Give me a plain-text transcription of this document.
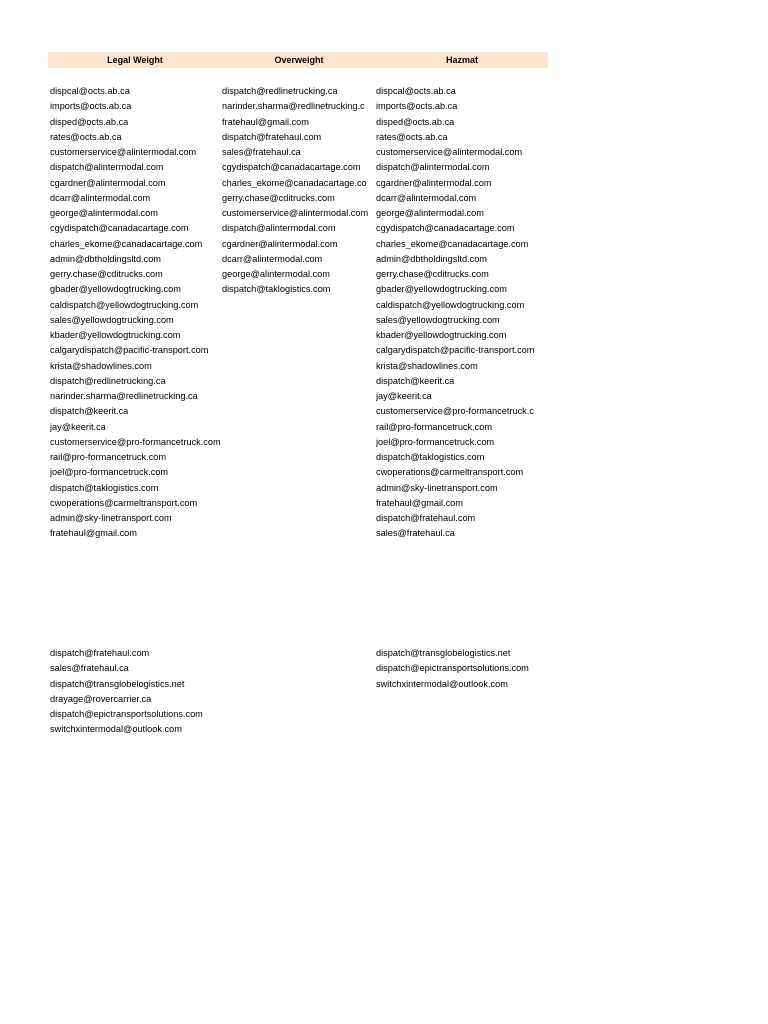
Legal Weight	Overweight	Hazmat
dispcal@octs.ab.ca
imports@octs.ab.ca
disped@octs.ab.ca
rates@octs.ab.ca
customerservice@alintermodal.com
dispatch@alintermodal.com
cgardner@alintermodal.com
dcarr@alintermodal.com
george@alintermodal.com
cgydispatch@canadacartage.com
charles_ekome@canadacartage.com
admin@dbtholdingsltd.com
gerry.chase@cditrucks.com
gbader@yellowdogtrucking.com
caldispatch@yellowdogtrucking.com
sales@yellowdogtrucking.com
kbader@yellowdogtrucking.com
calgarydispatch@pacific-transport.com
krista@shadowlines.com
dispatch@redlinetrucking.ca
narinder.sharma@redlinetrucking.ca
dispatch@keerit.ca
jay@keerit.ca
customerservice@pro-formancetruck.com
rail@pro-formancetruck.com
joel@pro-formancetruck.com
dispatch@taklogistics.com
cwoperations@carmeltransport.com
admin@sky-linetransport.com
fratehaul@gmail.com
dispatch@redlinetrucking.ca
narinder.sharma@redlinetrucking.c
fratehaul@gmail.com
dispatch@fratehaul.com
sales@fratehaul.ca
cgydispatch@canadacartage.com
charles_ekome@canadacartage.co
gerry.chase@cditrucks.com
customerservice@alintermodal.com
dispatch@alintermodal.com
cgardner@alintermodal.com
dcarr@alintermodal.com
george@alintermodal.com
dispatch@taklogistics.com
dispcal@octs.ab.ca
imports@octs.ab.ca
disped@octs.ab.ca
rates@octs.ab.ca
customerservice@alintermodal.com
dispatch@alintermodal.com
cgardner@alintermodal.com
dcarr@alintermodal.com
george@alintermodal.com
cgydispatch@canadacartage.com
charles_ekome@canadacartage.com
admin@dbtholdingsltd.com
gerry.chase@cditrucks.com
gbader@yellowdogtrucking.com
caldispatch@yellowdogtrucking.com
sales@yellowdogtrucking.com
kbader@yellowdogtrucking.com
calgarydispatch@pacific-transport.com
krista@shadowlines.com
dispatch@keerit.ca
jay@keerit.ca
customerservice@pro-formancetruck.c
rail@pro-formancetruck.com
joel@pro-formancetruck.com
dispatch@taklogistics.com
cwoperations@carmeltransport.com
admin@sky-linetransport.com
fratehaul@gmail.com
dispatch@fratehaul.com
sales@fratehaul.ca
dispatch@fratehaul.com
sales@fratehaul.ca
dispatch@transglobelogistics.net
drayage@rovercarrier.ca
dispatch@epictransportsolutions.com
switchxintermodal@outlook.com
dispatch@transglobelogistics.net
dispatch@epictransportsolutions.com
switchxintermodal@outlook.com
